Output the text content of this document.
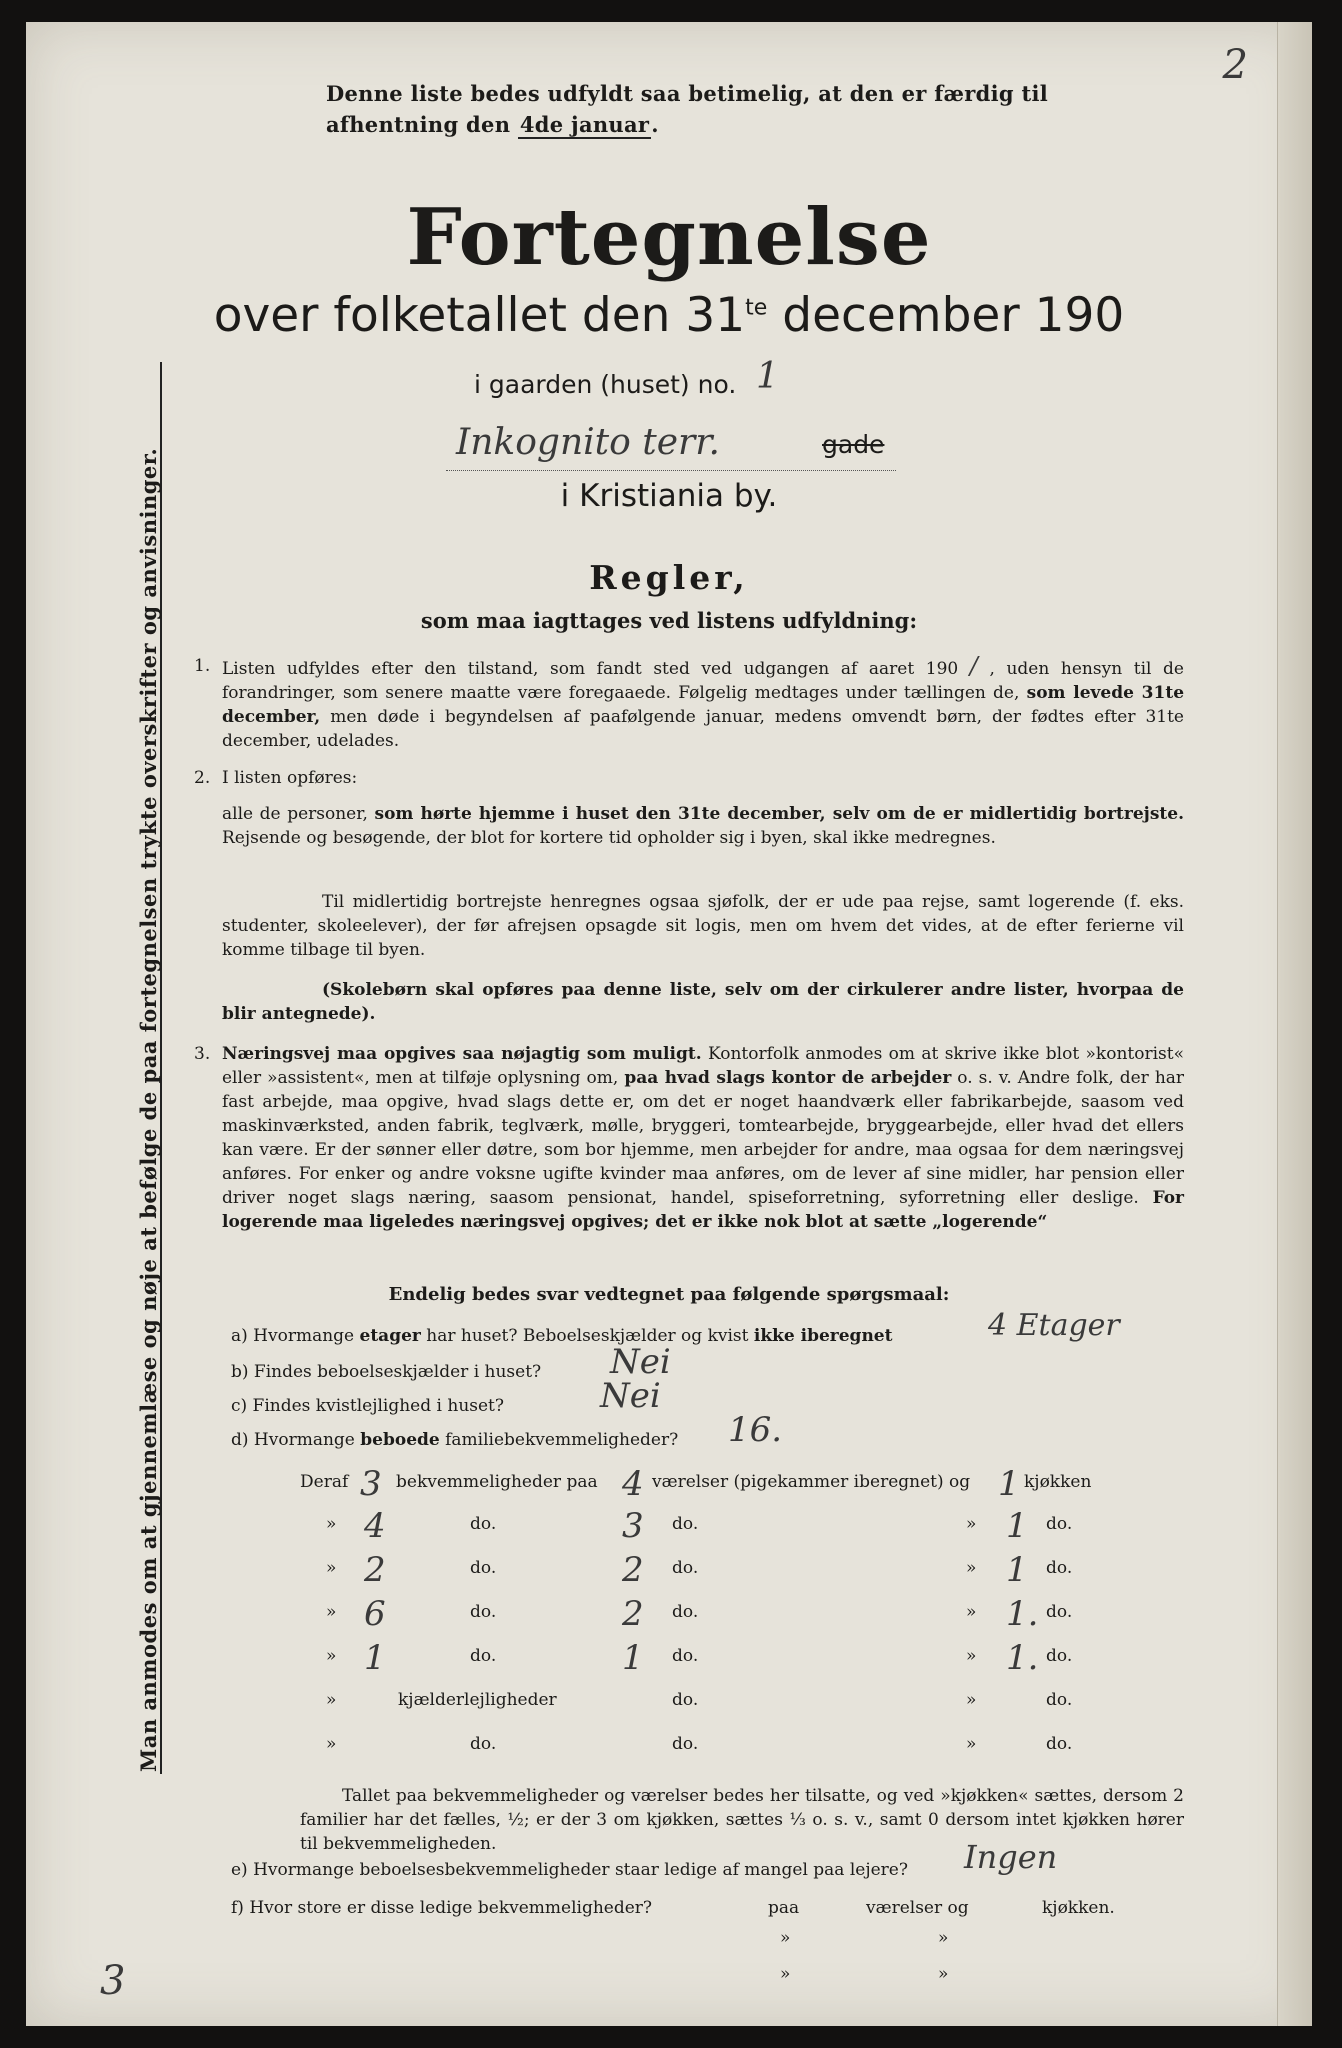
2
3
Man anmodes om at gjennemlæse og nøje at befølge de paa fortegnelsen trykte overskrifter og anvisninger.
Denne liste bedes udfyldt saa betimelig, at den er færdig til
afhentning den 4de januar.
Fortegnelse
over folketallet den $31^{te}$ december 190
i gaarden (huset) no. 1
Inkognito terr.	gade
i Kristiania by.
Regler,
som maa iagttages ved listens udfyldning:
1. Listen udfyldes efter den tilstand, som fandt sted ved udgangen af aaret 190 / , uden hensyn til de forandringer, som senere maatte være foregaaede. Følgelig medtages under tællingen de, som levede 31te december, men døde i begyndelsen af paafølgende januar, medens omvendt børn, der fødtes efter 31te december, udelades.
2. I listen opføres:
alle de personer, som hørte hjemme i huset den 31te december, selv om de er midlertidig bortrejste. Rejsende og besøgende, der blot for kortere tid opholder sig i byen, skal ikke medregnes.
Til midlertidig bortrejste henregnes ogsaa sjøfolk, der er ude paa rejse, samt logerende (f. eks. studenter, skoleelever), der før afrejsen opsagde sit logis, men om hvem det vides, at de efter ferierne vil komme tilbage til byen.
(Skolebørn skal opføres paa denne liste, selv om der cirkulerer andre lister, hvorpaa de blir antegnede).
3. Næringsvej maa opgives saa nøjagtig som muligt. Kontorfolk anmodes om at skrive ikke blot »kontorist« eller »assistent«, men at tilføje oplysning om, paa hvad slags kontor de arbejder o. s. v. Andre folk, der har fast arbejde, maa opgive, hvad slags dette er, om det er noget haandværk eller fabrikarbejde, saasom ved maskinværksted, anden fabrik, teglværk, mølle, bryggeri, tomtearbejde, bryggearbejde, eller hvad det ellers kan være. Er der sønner eller døtre, som bor hjemme, men arbejder for andre, maa ogsaa for dem næringsvej anføres. For enker og andre voksne ugifte kvinder maa anføres, om de lever af sine midler, har pension eller driver noget slags næring, saasom pensionat, handel, spiseforretning, syforretning eller deslige. For logerende maa ligeledes næringsvej opgives; det er ikke nok blot at sætte „logerende“
Endelig bedes svar vedtegnet paa følgende spørgsmaal:
a) Hvormange etager har huset? Beboelseskjælder og kvist ikke iberegnet	4 Etager
b) Findes beboelseskjælder i huset? Nei
c) Findes kvistlejlighed i huset?	Nei
d) Hvormange beboede familiebekvemmeligheder? 16.
Deraf 3 bekvemmeligheder paa 4 værelser (pigekammer iberegnet) og 1 kjøkken
» 4	do.	3 do.	» 1 do.
» 2	do.	2 do.	» 1 do.
» 6	do.	2 do.	» 1. do.
» 1	do.	1 do.	» 1. do.
»	kjælderlejligheder	do.	»	do.
»	do.	do.	»	do.
Tallet paa bekvemmeligheder og værelser bedes her tilsatte, og ved »kjøkken« sættes, dersom 2 familier har det fælles, ½; er der 3 om kjøkken, sættes ⅓ o. s. v., samt 0 dersom intet kjøkken hører til bekvemmeligheden.
e) Hvormange beboelsesbekvemmeligheder staar ledige af mangel paa lejere? Ingen
f) Hvor store er disse ledige bekvemmeligheder?	paa	værelser og	kjøkken.
»	»
»	»
